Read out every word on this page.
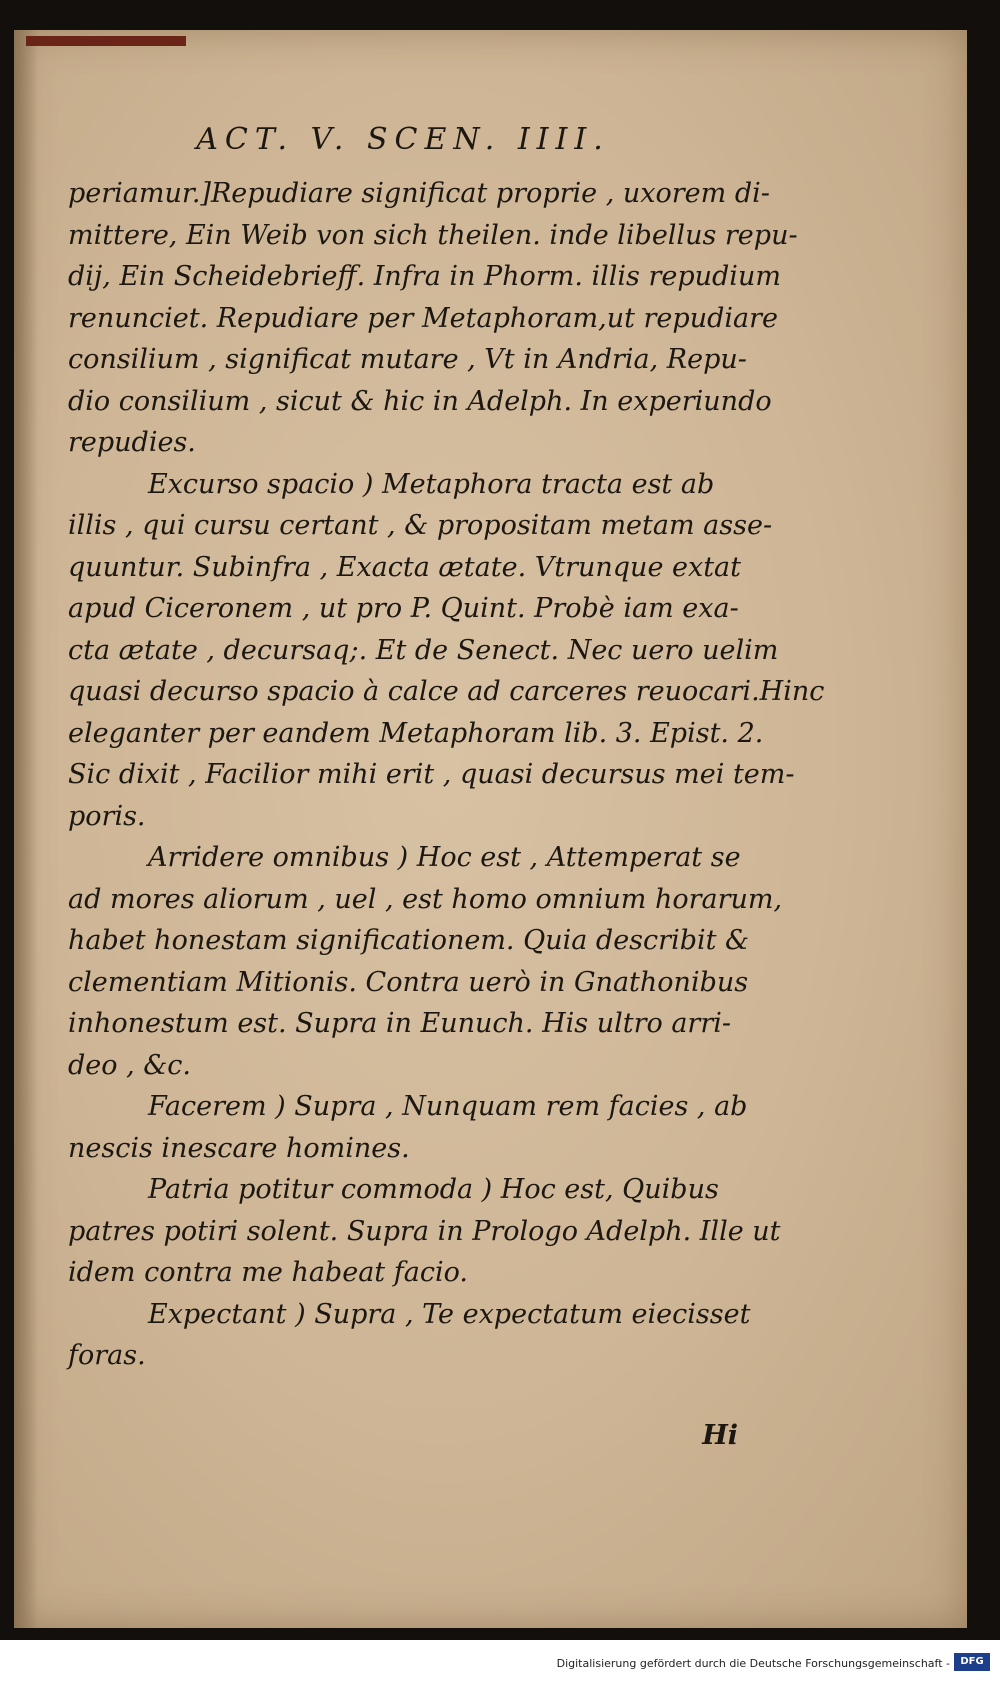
ACT. V. SCEN. IIII.
periamur.]Repudiare significat proprie , uxorem di-
mittere, Ein Weib von sich theilen. inde libellus repu-
dij, Ein Scheidebrieff. Infra in Phorm. illis repudium
renunciet. Repudiare per Metaphoram,ut repudiare
consilium , significat mutare , Vt in Andria, Repu-
dio consilium , sicut & hic in Adelph. In experiundo
repudies.
Excurso spacio ) Metaphora tracta est ab
illis , qui cursu certant , & propositam metam asse-
quuntur. Subinfra , Exacta ætate. Vtrunque extat
apud Ciceronem , ut pro P. Quint. Probè iam exa-
cta ætate , decursaq;. Et de Senect. Nec uero uelim
quasi decurso spacio à calce ad carceres reuocari.Hinc
eleganter per eandem Metaphoram lib. 3. Epist. 2.
Sic dixit , Facilior mihi erit , quasi decursus mei tem-
poris.
Arridere omnibus ) Hoc est , Attemperat se
ad mores aliorum , uel , est homo omnium horarum,
habet honestam significationem. Quia describit &
clementiam Mitionis. Contra uerò in Gnathonibus
inhonestum est. Supra in Eunuch. His ultro arri-
deo , &c.
Facerem ) Supra , Nunquam rem facies , ab
nescis inescare homines.
Patria potitur commoda ) Hoc est, Quibus
patres potiri solent. Supra in Prologo Adelph. Ille ut
idem contra me habeat facio.
Expectant ) Supra , Te expectatum eiecisset
foras.
Hi
Digitalisierung gefördert durch die Deutsche Forschungsgemeinschaft -	DFG
